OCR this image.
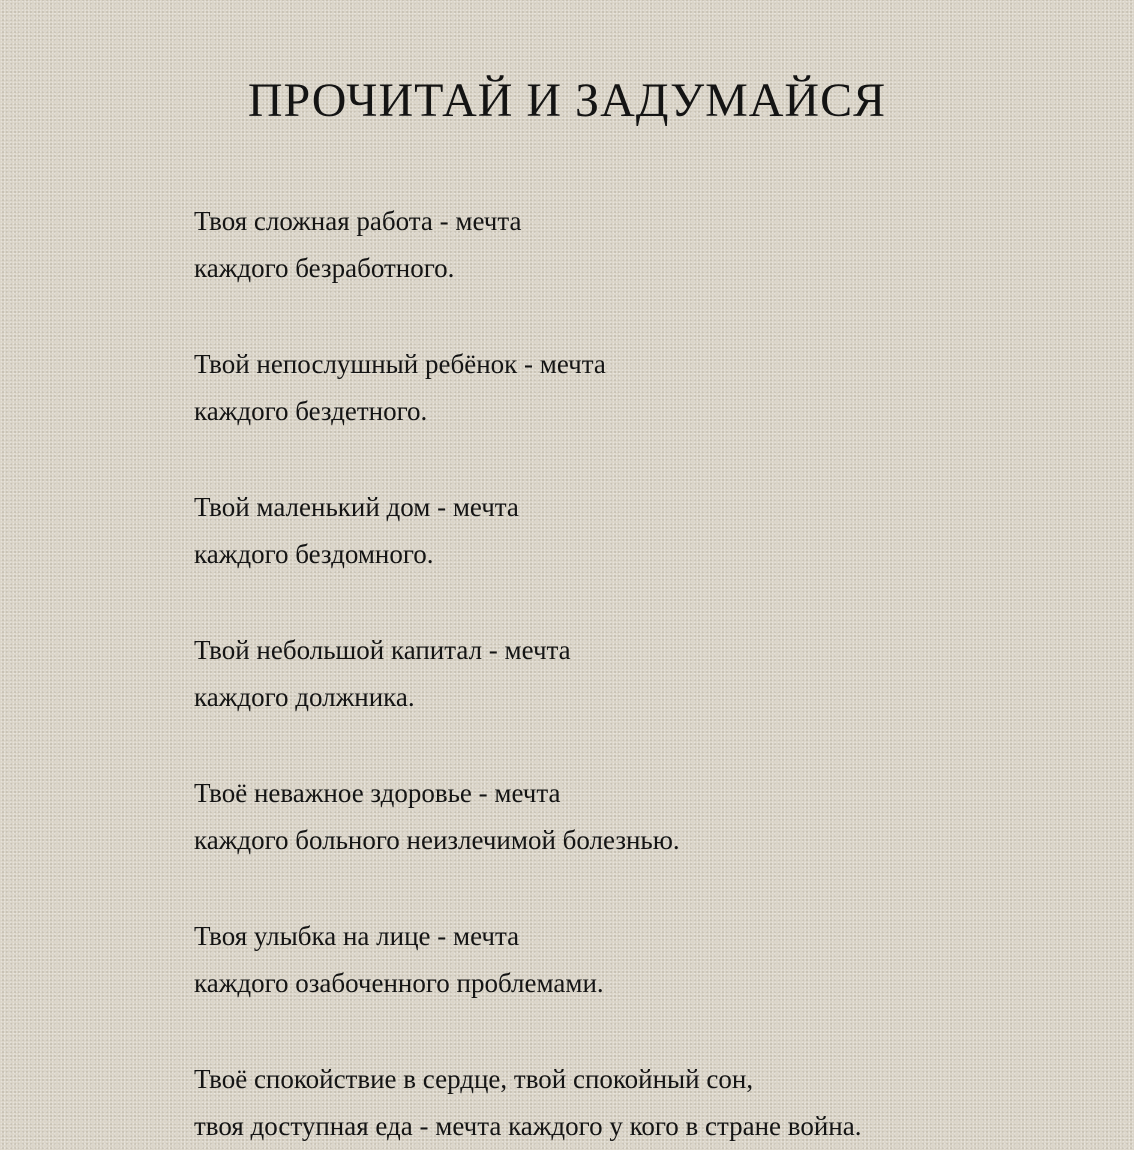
ПРОЧИТАЙ И ЗАДУМАЙСЯ

Твоя сложная работа - мечта
каждого безработного.

Твой непослушный ребёнок - мечта
каждого бездетного.

Твой маленький дом - мечта
каждого бездомного.

Твой небольшой капитал - мечта
каждого должника.

Твоё неважное здоровье - мечта
каждого больного неизлечимой болезнью.

Твоя улыбка на лице - мечта
каждого озабоченного проблемами.

Твоё спокойствие в сердце, твой спокойный сон,
твоя доступная еда - мечта каждого у кого в стране война.
